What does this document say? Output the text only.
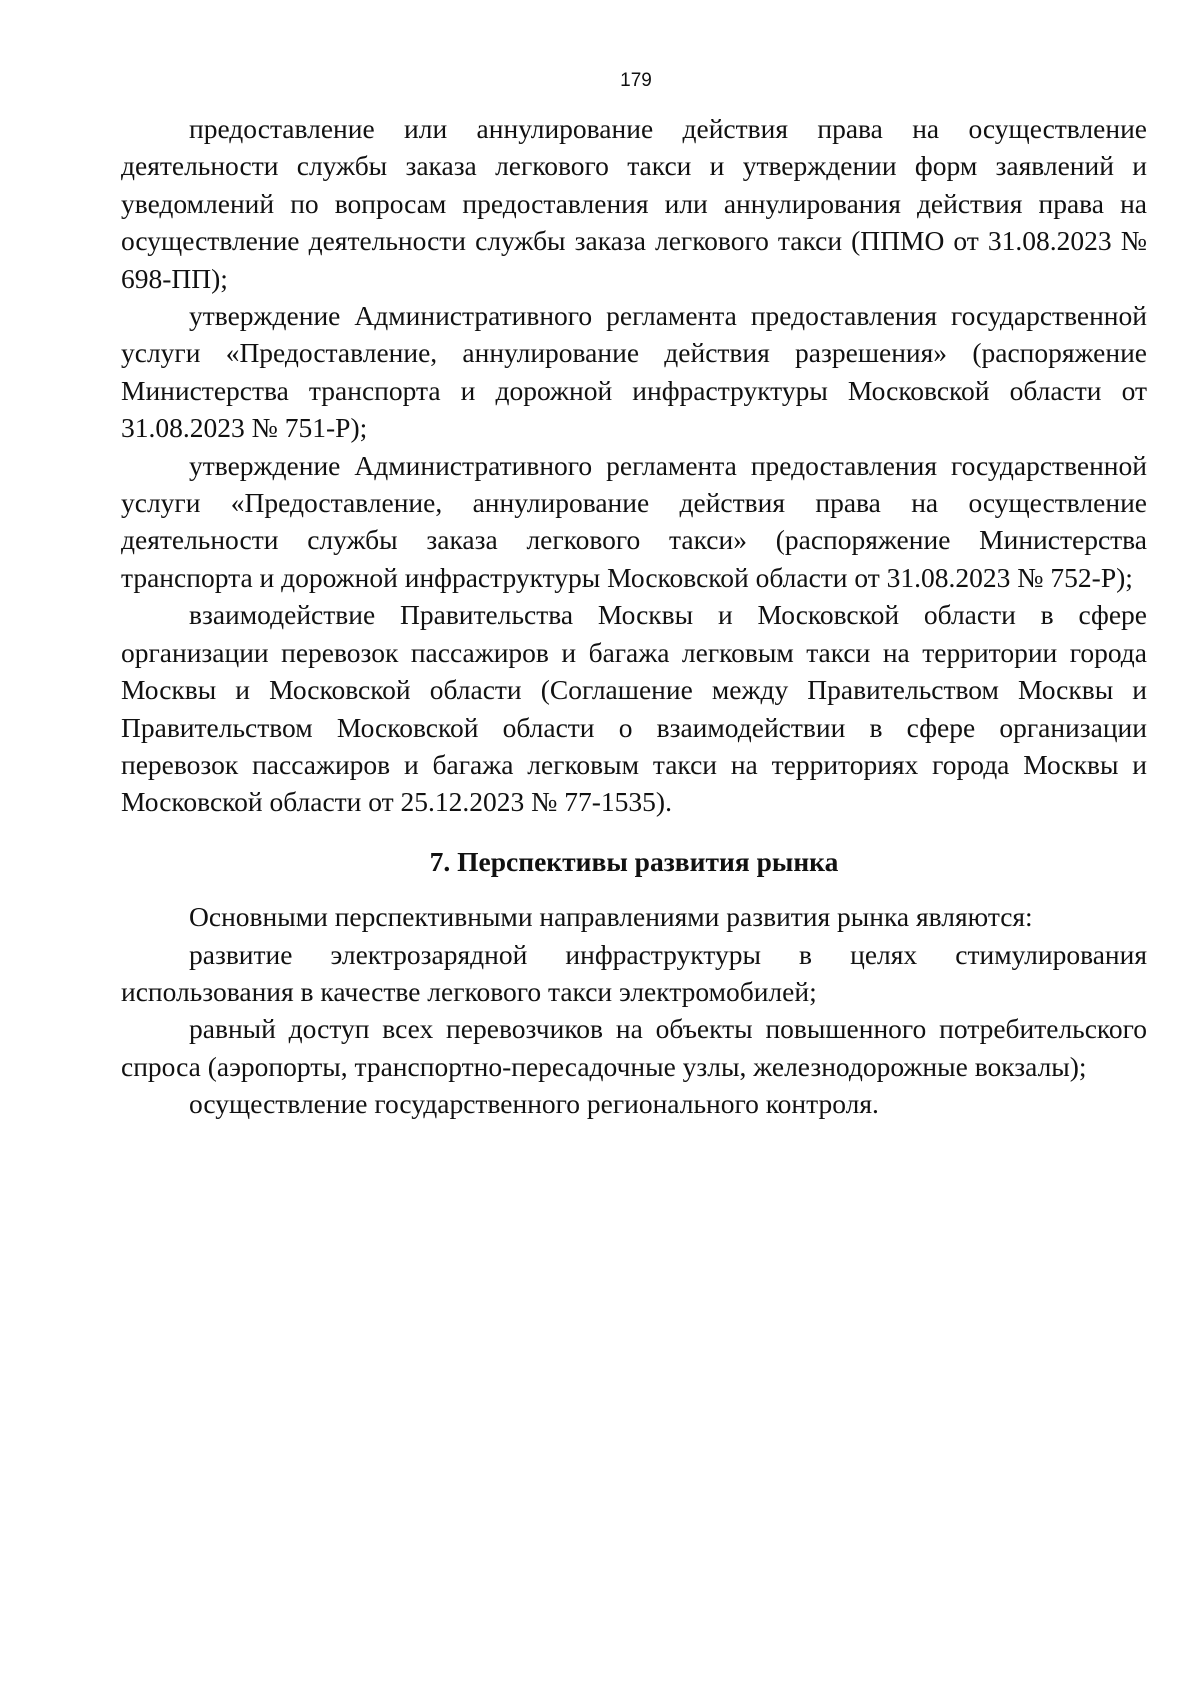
179

предоставление или аннулирование действия права на осуществление деятельности службы заказа легкового такси и утверждении форм заявлений и уведомлений по вопросам предоставления или аннулирования действия права на осуществление деятельности службы заказа легкового такси (ППМО от 31.08.2023 № 698-ПП);

утверждение Административного регламента предоставления государственной услуги «Предоставление, аннулирование действия разрешения» (распоряжение Министерства транспорта и дорожной инфраструктуры Московской области от 31.08.2023 № 751-Р);

утверждение Административного регламента предоставления государственной услуги «Предоставление, аннулирование действия права на осуществление деятельности службы заказа легкового такси» (распоряжение Министерства транспорта и дорожной инфраструктуры Московской области от 31.08.2023 № 752-Р);

взаимодействие Правительства Москвы и Московской области в сфере организации перевозок пассажиров и багажа легковым такси на территории города Москвы и Московской области (Соглашение между Правительством Москвы и Правительством Московской области о взаимодействии в сфере организации перевозок пассажиров и багажа легковым такси на территориях города Москвы и Московской области от 25.12.2023 № 77-1535).

7. Перспективы развития рынка

Основными перспективными направлениями развития рынка являются:

развитие электрозарядной инфраструктуры в целях стимулирования использования в качестве легкового такси электромобилей;

равный доступ всех перевозчиков на объекты повышенного потребительского спроса (аэропорты, транспортно-пересадочные узлы, железнодорожные вокзалы);

осуществление государственного регионального контроля.
